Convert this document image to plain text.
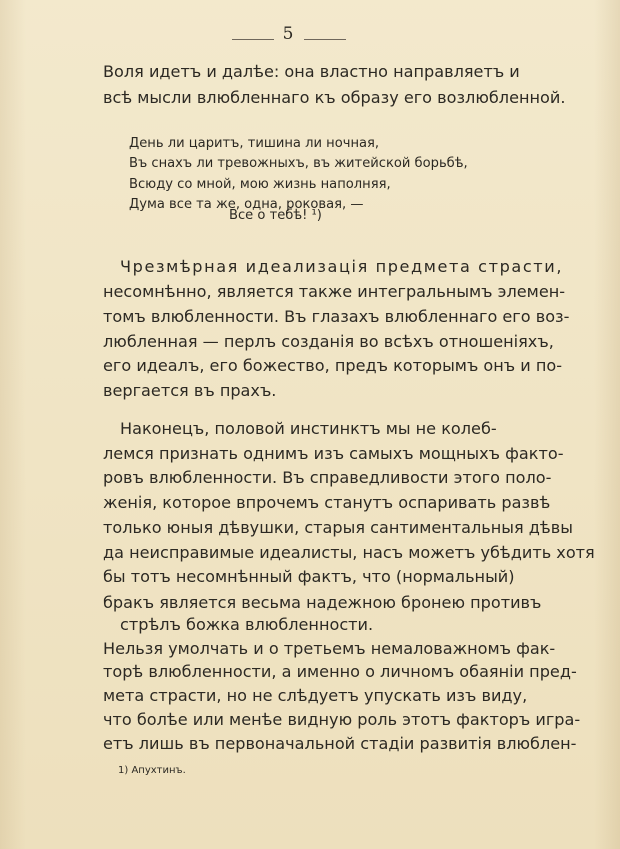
5
Воля идетъ и далѣе: она властно направляетъ и
всѣ мысли влюбленнаго къ образу его возлюбленной.
День ли царитъ, тишина ли ночная,
Въ снахъ ли тревожныхъ, въ житейской борьбѣ,
Всюду со мной, мою жизнь наполняя,
Дума все та же, одна, роковая, —
Все о тебѣ! ¹)
Чрезмѣрная идеализація предмета страсти,
несомнѣнно, является также интегральнымъ элемен-
томъ влюбленности. Въ глазахъ влюбленнаго его воз-
любленная — перлъ созданія во всѣхъ отношеніяхъ,
его идеалъ, его божество, предъ которымъ онъ и по-
вергается въ прахъ.
Наконецъ, половой инстинктъ мы не колеб-
лемся признать однимъ изъ самыхъ мощныхъ факто-
ровъ влюбленности. Въ справедливости этого поло-
женія, которое впрочемъ станутъ оспаривать развѣ
только юныя дѣвушки, старыя сантиментальныя дѣвы
да неисправимые идеалисты, насъ можетъ убѣдить хотя
бы тотъ несомнѣнный фактъ, что (нормальный)
бракъ является весьма надежною бронею противъ
стрѣлъ божка влюбленности.
Нельзя умолчать и о третьемъ немаловажномъ фак-
торѣ влюбленности, а именно о личномъ обаяніи пред-
мета страсти, но не слѣдуетъ упускать изъ виду,
что болѣе или менѣе видную роль этотъ факторъ игра-
етъ лишь въ первоначальной стадіи развитія влюблен-
1) Апухтинъ.
